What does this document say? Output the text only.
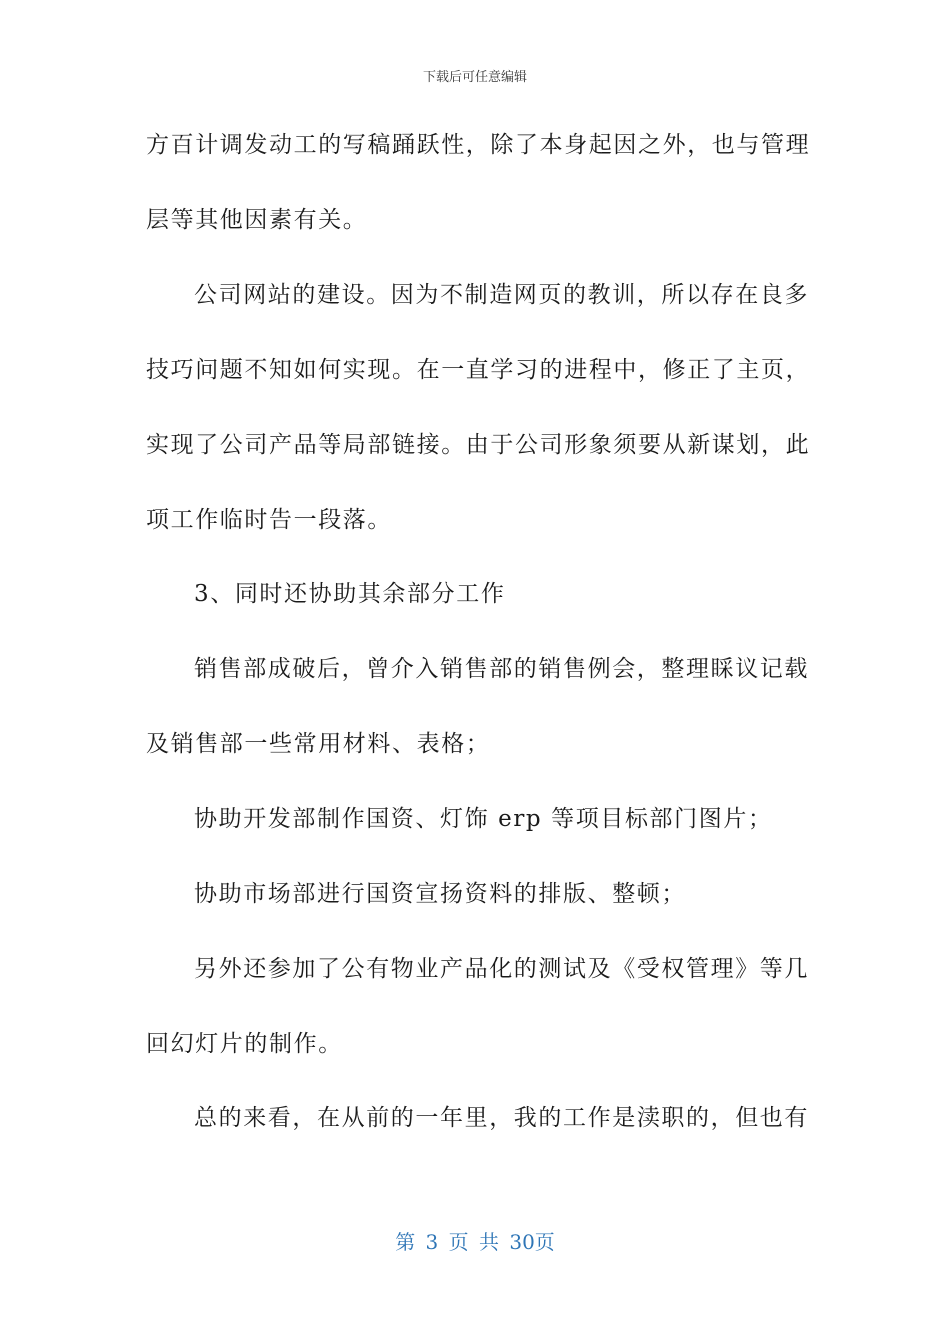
下载后可任意编辑
方百计调发动工的写稿踊跃性，除了本身起因之外，也与管理
层等其他因素有关。
公司网站的建设。因为不制造网页的教训，所以存在良多
技巧问题不知如何实现。在一直学习的进程中，修正了主页，
实现了公司产品等局部链接。由于公司形象须要从新谋划，此
项工作临时告一段落。
3、同时还协助其余部分工作
销售部成破后，曾介入销售部的销售例会，整理睬议记载
及销售部一些常用材料、表格；
协助开发部制作国资、灯饰 erp 等项目标部门图片；
协助市场部进行国资宣扬资料的排版、整顿；
另外还参加了公有物业产品化的测试及《受权管理》等几
回幻灯片的制作。
总的来看，在从前的一年里，我的工作是渎职的，但也有
第 3 页 共 30页
